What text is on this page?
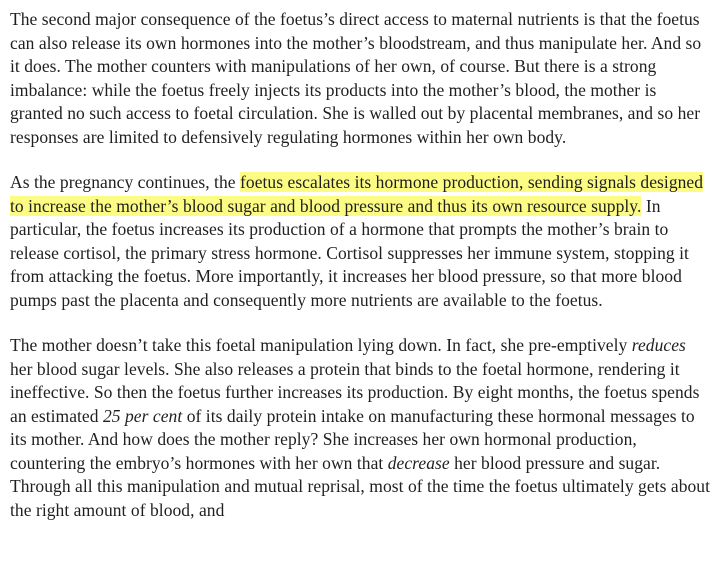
The second major consequence of the foetus’s direct access to maternal nutrients is that the foetus can also release its own hormones into the mother’s bloodstream, and thus manipulate her. And so it does. The mother counters with manipulations of her own, of course. But there is a strong imbalance: while the foetus freely injects its products into the mother’s blood, the mother is granted no such access to foetal circulation. She is walled out by placental membranes, and so her responses are limited to defensively regulating hormones within her own body.

As the pregnancy continues, the foetus escalates its hormone production, sending signals designed to increase the mother’s blood sugar and blood pressure and thus its own resource supply. In particular, the foetus increases its production of a hormone that prompts the mother’s brain to release cortisol, the primary stress hormone. Cortisol suppresses her immune system, stopping it from attacking the foetus. More importantly, it increases her blood pressure, so that more blood pumps past the placenta and consequently more nutrients are available to the foetus.

The mother doesn’t take this foetal manipulation lying down. In fact, she pre-emptively reduces her blood sugar levels. She also releases a protein that binds to the foetal hormone, rendering it ineffective. So then the foetus further increases its production. By eight months, the foetus spends an estimated 25 per cent of its daily protein intake on manufacturing these hormonal messages to its mother. And how does the mother reply? She increases her own hormonal production, countering the embryo’s hormones with her own that decrease her blood pressure and sugar. Through all this manipulation and mutual reprisal, most of the time the foetus ultimately gets about the right amount of blood, and
